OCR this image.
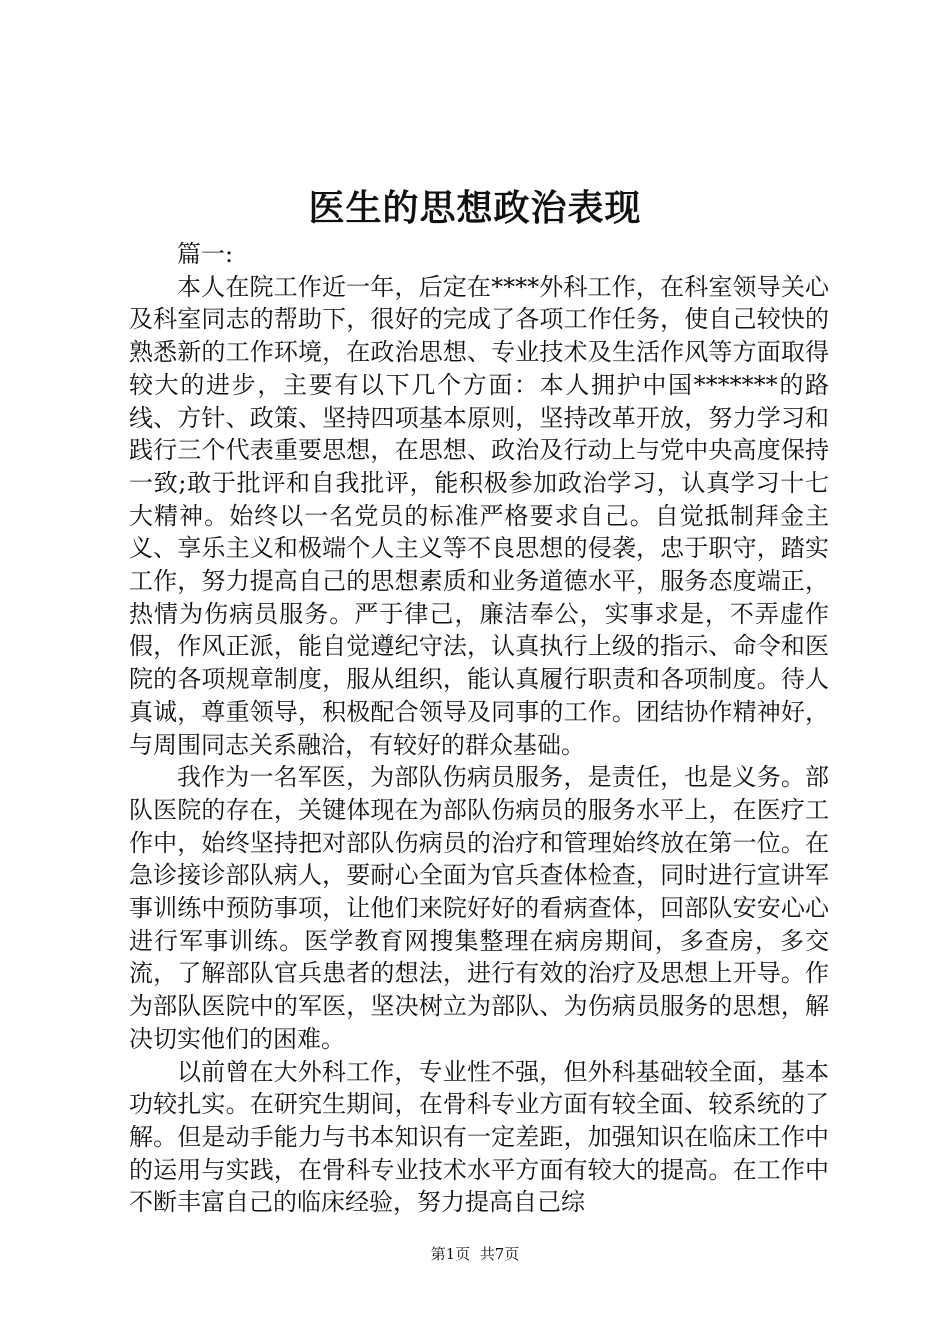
医生的思想政治表现

篇一:

本人在院工作近一年，后定在****外科工作，在科室领导关心及科室同志的帮助下，很好的完成了各项工作任务，使自己较快的熟悉新的工作环境，在政治思想、专业技术及生活作风等方面取得较大的进步，主要有以下几个方面：本人拥护中国*******的路线、方针、政策、坚持四项基本原则，坚持改革开放，努力学习和践行三个代表重要思想，在思想、政治及行动上与党中央高度保持一致;敢于批评和自我批评，能积极参加政治学习，认真学习十七大精神。始终以一名党员的标准严格要求自己。自觉抵制拜金主义、享乐主义和极端个人主义等不良思想的侵袭，忠于职守，踏实工作，努力提高自己的思想素质和业务道德水平，服务态度端正，热情为伤病员服务。严于律己，廉洁奉公，实事求是，不弄虚作假，作风正派，能自觉遵纪守法，认真执行上级的指示、命令和医院的各项规章制度，服从组织，能认真履行职责和各项制度。待人真诚，尊重领导，积极配合领导及同事的工作。团结协作精神好，与周围同志关系融洽，有较好的群众基础。

我作为一名军医，为部队伤病员服务，是责任，也是义务。部队医院的存在，关键体现在为部队伤病员的服务水平上，在医疗工作中，始终坚持把对部队伤病员的治疗和管理始终放在第一位。在急诊接诊部队病人，要耐心全面为官兵查体检查，同时进行宣讲军事训练中预防事项，让他们来院好好的看病查体，回部队安安心心进行军事训练。医学教育网搜集整理在病房期间，多查房，多交流，了解部队官兵患者的想法，进行有效的治疗及思想上开导。作为部队医院中的军医，坚决树立为部队、为伤病员服务的思想，解决切实他们的困难。

以前曾在大外科工作，专业性不强，但外科基础较全面，基本功较扎实。在研究生期间，在骨科专业方面有较全面、较系统的了解。但是动手能力与书本知识有一定差距，加强知识在临床工作中的运用与实践，在骨科专业技术水平方面有较大的提高。在工作中不断丰富自己的临床经验，努力提高自己综

第1页 共7页
